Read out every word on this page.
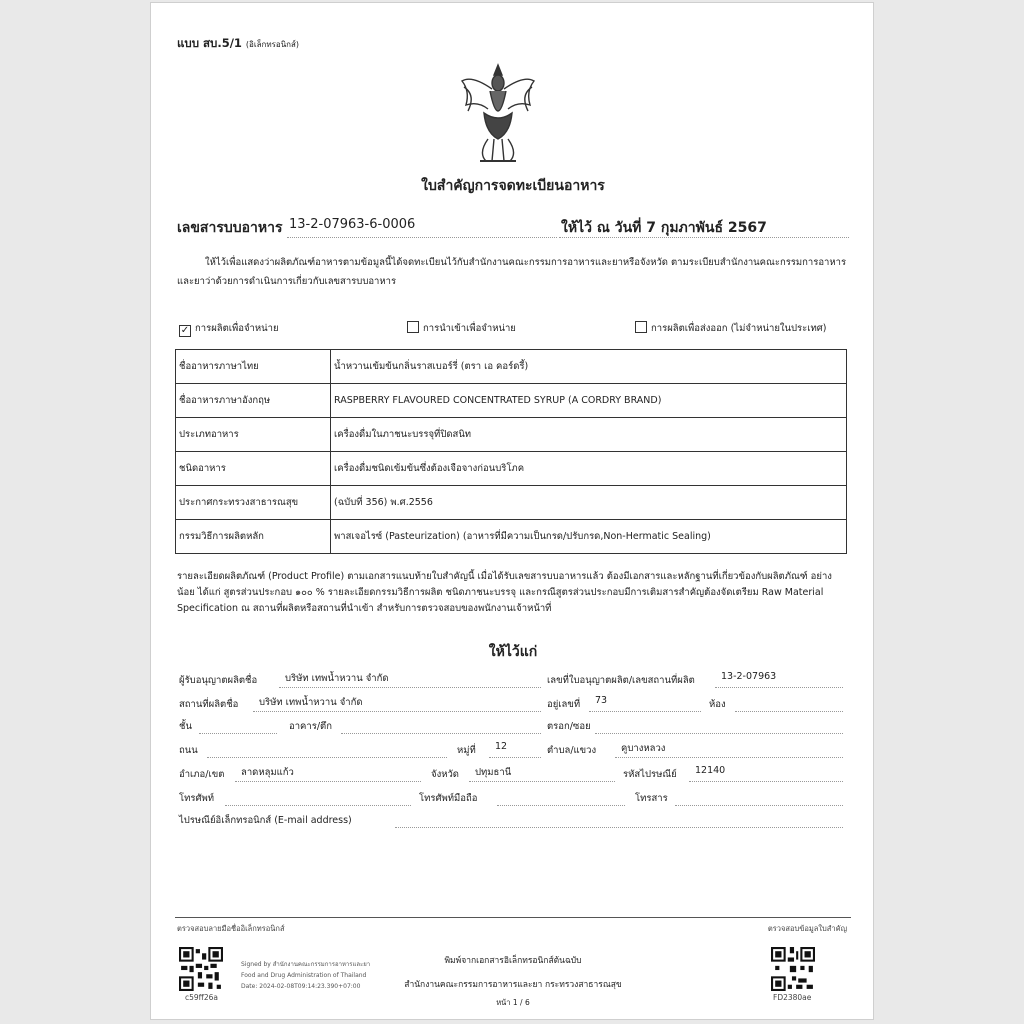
แบบ สบ.5/1 (อิเล็กทรอนิกส์)
ใบสำคัญการจดทะเบียนอาหาร
เลขสารบบอาหาร 13-2-07963-6-0006	ให้ไว้ ณ วันที่ 7 กุมภาพันธ์ 2567
ให้ไว้เพื่อแสดงว่าผลิตภัณฑ์อาหารตามข้อมูลนี้ได้จดทะเบียนไว้กับสำนักงานคณะกรรมการอาหารและยาหรือจังหวัด ตามระเบียบสำนักงานคณะกรรมการอาหารและยาว่าด้วยการดำเนินการเกี่ยวกับเลขสารบบอาหาร
✓ การผลิตเพื่อจำหน่าย	การนำเข้าเพื่อจำหน่าย	การผลิตเพื่อส่งออก (ไม่จำหน่ายในประเทศ)
ชื่ออาหารภาษาไทย	น้ำหวานเข้มข้นกลิ่นราสเบอร์รี่ (ตรา เอ คอร์ดรี้)
ชื่ออาหารภาษาอังกฤษ	RASPBERRY FLAVOURED CONCENTRATED SYRUP (A CORDRY BRAND)
ประเภทอาหาร	เครื่องดื่มในภาชนะบรรจุที่ปิดสนิท
ชนิดอาหาร	เครื่องดื่มชนิดเข้มข้นซึ่งต้องเจือจางก่อนบริโภค
ประกาศกระทรวงสาธารณสุข	(ฉบับที่ 356) พ.ศ.2556
กรรมวิธีการผลิตหลัก	พาสเจอไรซ์ (Pasteurization) (อาหารที่มีความเป็นกรด/ปรับกรด,Non-Hermatic Sealing)
รายละเอียดผลิตภัณฑ์ (Product Profile) ตามเอกสารแนบท้ายใบสำคัญนี้ เมื่อได้รับเลขสารบบอาหารแล้ว ต้องมีเอกสารและหลักฐานที่เกี่ยวข้องกับผลิตภัณฑ์ อย่างน้อย ได้แก่ สูตรส่วนประกอบ ๑๐๐ % รายละเอียดกรรมวิธีการผลิต ชนิดภาชนะบรรจุ และกรณีสูตรส่วนประกอบมีการเติมสารสำคัญต้องจัดเตรียม Raw Material Specification ณ สถานที่ผลิตหรือสถานที่นำเข้า สำหรับการตรวจสอบของพนักงานเจ้าหน้าที่
ให้ไว้แก่
ผู้รับอนุญาตผลิตชื่อ	บริษัท เทพน้ำหวาน จำกัด	เลขที่ใบอนุญาตผลิต/เลขสถานที่ผลิต	13-2-07963
สถานที่ผลิตชื่อ บริษัท เทพน้ำหวาน จำกัด	อยู่เลขที่ 73	ห้อง
ชั้น	อาคาร/ตึก	ตรอก/ซอย
ถนน	หมู่ที่ 12	ตำบล/แขวง	คูบางหลวง
อำเภอ/เขต ลาดหลุมแก้ว	จังหวัด ปทุมธานี	รหัสไปรษณีย์ 12140
โทรศัพท์	โทรศัพท์มือถือ	โทรสาร
ไปรษณีย์อิเล็กทรอนิกส์ (E-mail address)
ตรวจสอบลายมือชื่ออิเล็กทรอนิกส์	ตรวจสอบข้อมูลใบสำคัญ
c59ff26a
Signed by สำนักงานคณะกรรมการอาหารและยา
Food and Drug Administration of Thailand
Date: 2024-02-08T09:14:23.390+07:00
พิมพ์จากเอกสารอิเล็กทรอนิกส์ต้นฉบับ
สำนักงานคณะกรรมการอาหารและยา กระทรวงสาธารณสุข
หน้า 1 / 6
FD2380ae
